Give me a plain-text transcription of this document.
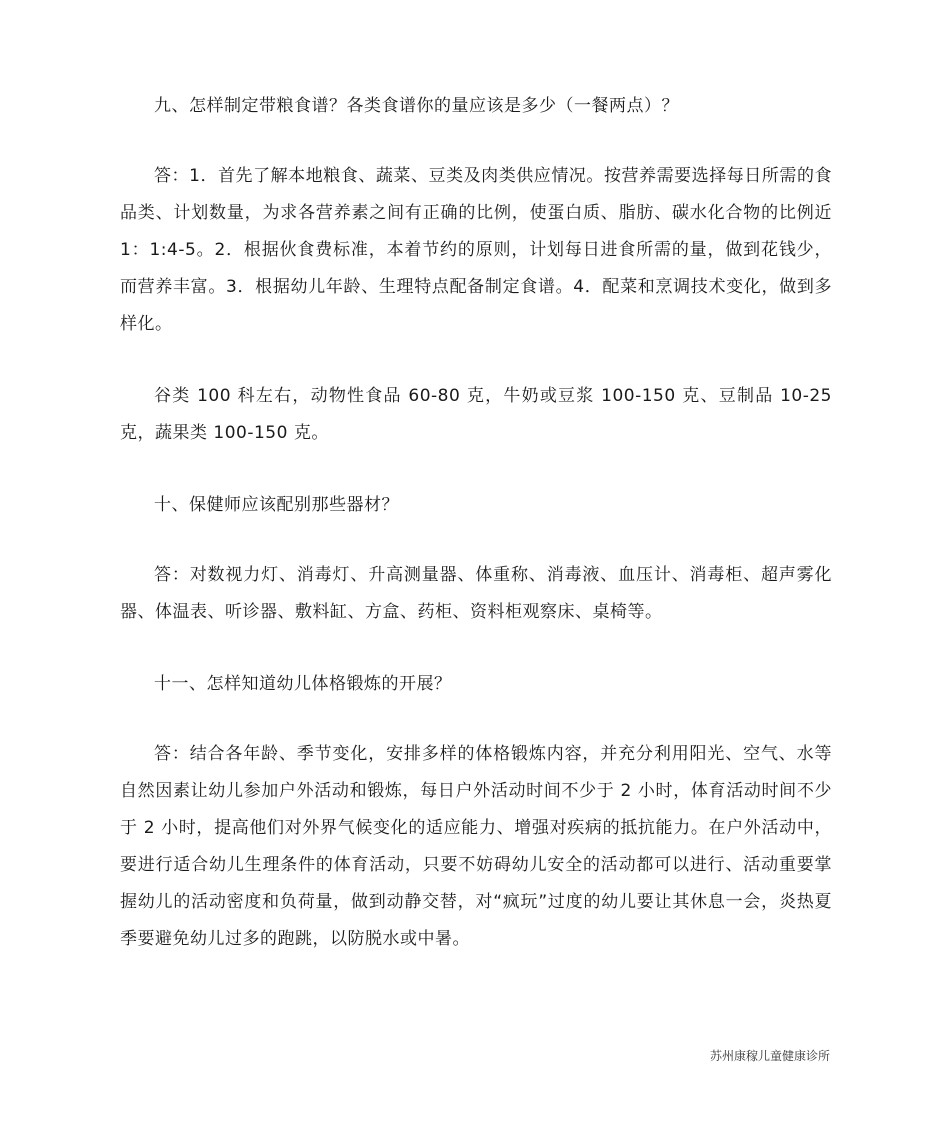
九、怎样制定带粮食谱？各类食谱你的量应该是多少（一餐两点）？

答：1．首先了解本地粮食、蔬菜、豆类及肉类供应情况。按营养需要选择每日所需的食品类、计划数量，为求各营养素之间有正确的比例，使蛋白质、脂肪、碳水化合物的比例近 1：1:4-5。2．根据伙食费标准，本着节约的原则，计划每日进食所需的量，做到花钱少，而营养丰富。3．根据幼儿年龄、生理特点配备制定食谱。4．配菜和烹调技术变化，做到多样化。

谷类 100 科左右，动物性食品 60-80 克，牛奶或豆浆 100-150 克、豆制品 10-25 克，蔬果类 100-150 克。

十、保健师应该配别那些器材？

答：对数视力灯、消毒灯、升高测量器、体重称、消毒液、血压计、消毒柜、超声雾化器、体温表、听诊器、敷料缸、方盒、药柜、资料柜观察床、桌椅等。

十一、怎样知道幼儿体格锻炼的开展？

答：结合各年龄、季节变化，安排多样的体格锻炼内容，并充分利用阳光、空气、水等自然因素让幼儿参加户外活动和锻炼，每日户外活动时间不少于 2 小时，体育活动时间不少于 2 小时，提高他们对外界气候变化的适应能力、增强对疾病的抵抗能力。在户外活动中，要进行适合幼儿生理条件的体育活动，只要不妨碍幼儿安全的活动都可以进行、活动重要掌握幼儿的活动密度和负荷量，做到动静交替，对“疯玩”过度的幼儿要让其休息一会，炎热夏季要避免幼儿过多的跑跳，以防脱水或中暑。

苏州康稼儿童健康诊所
